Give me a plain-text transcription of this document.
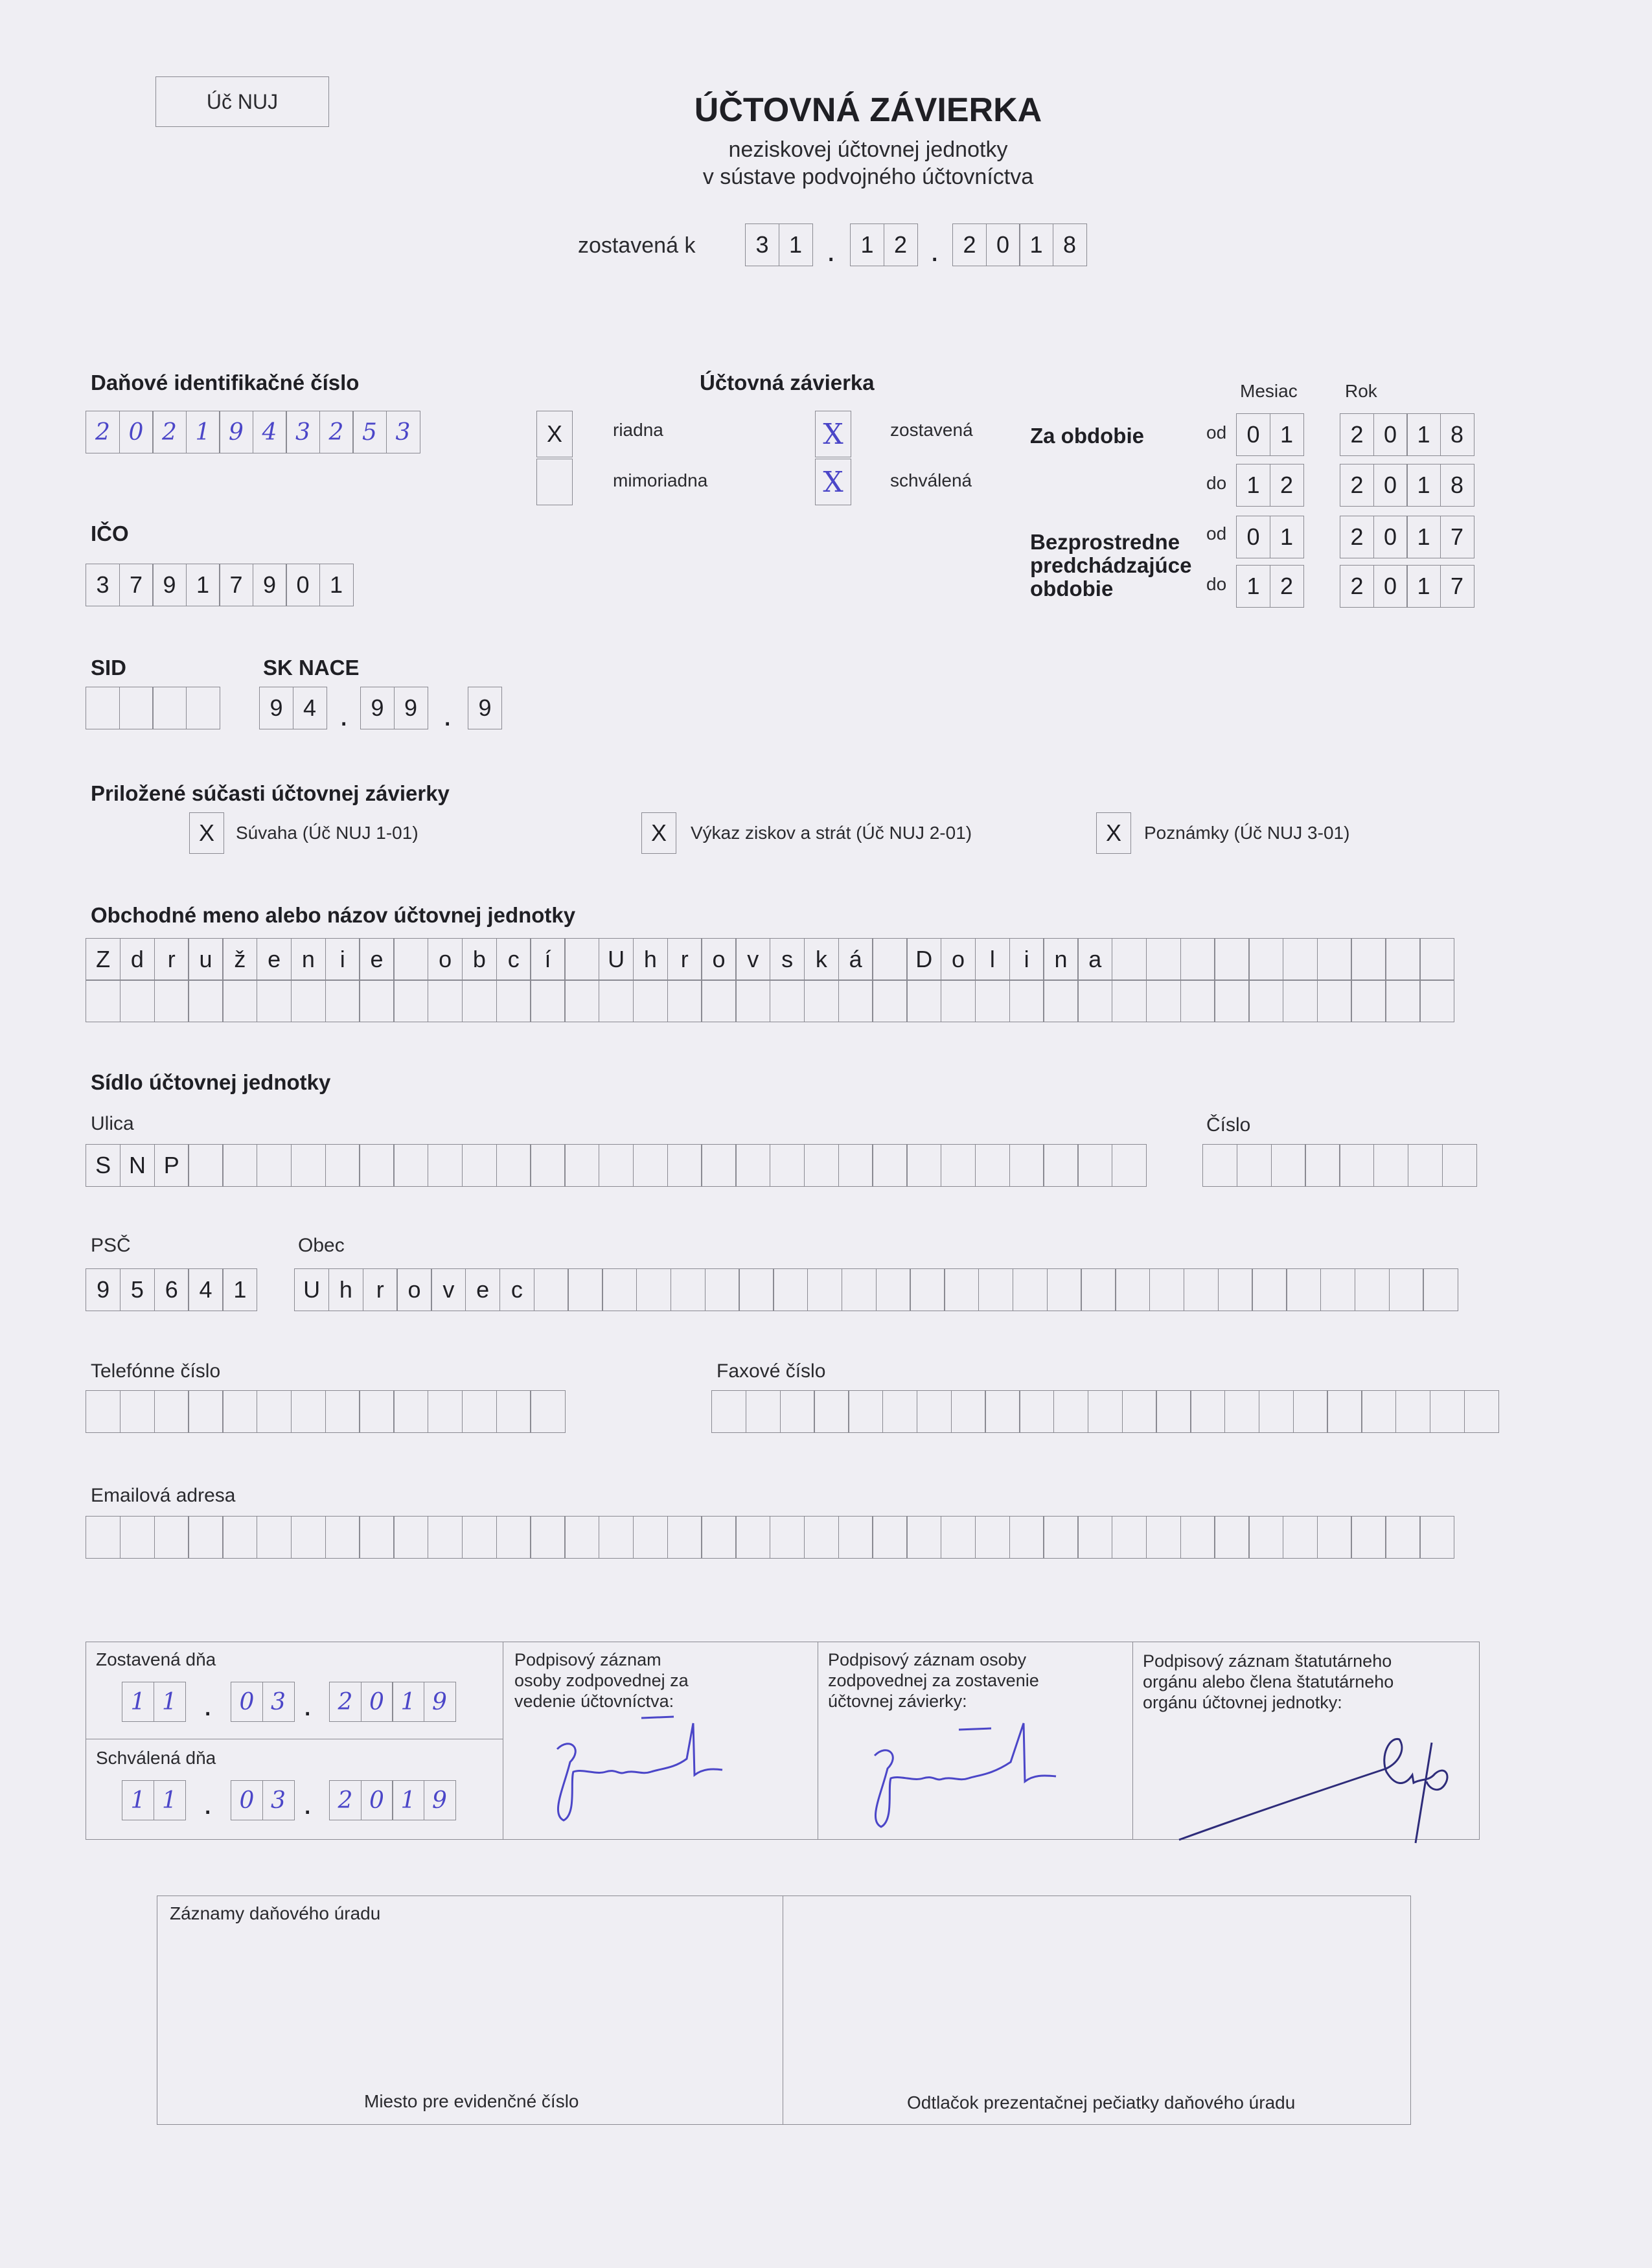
Úč NUJ	ÚČTOVNÁ ZÁVIERKA
neziskovej účtovnej jednotky
v sústave podvojného účtovníctva
zostavená k	3 1 .	1 2 .	2 0 1 8
Daňové identifikačné číslo
2 0 2 1 9 4 3 2 5 3
IČO
3 7 9 1 7 9 0 1
Účtovná závierka
X	riadna
mimoriadna
X	zostavená
X	schválená
Mesiac	Rok
Za obdobie
Bezprostredne
predchádzajúce
obdobie
od 0 1	2 0 1 8
do 1 2	2 0 1 8
od 0 1	2 0 1 7
do 1 2	2 0 1 7
SID	SK NACE
9 4 . 9 9 .	9
Priložené súčasti účtovnej závierky
X	Súvaha (Úč NUJ 1-01)	X	Výkaz ziskov a strát (Úč NUJ 2-01)	X	Poznámky (Úč NUJ 3-01)
Obchodné meno alebo názov účtovnej jednotky
Z d	r	u ž e n	i	e	o b c	í	U h	r	o v s k á	D o	l	i	n a
Sídlo účtovnej jednotky
Ulica
S N P
Číslo
PSČ
9 5 6 4 1
Obec
U h	r	o v e c
Telefónne číslo	Faxové číslo
Emailová adresa
Zostavená dňa
1 1 .	0 3 .	2 0 1 9
Schválená dňa
1 1 .	0 3 .	2 0 1 9
Podpisový záznam osoby zodpovednej za vedenie účtovníctva:
Podpisový záznam osoby zodpovednej za zostavenie účtovnej závierky:
Podpisový záznam štatutárneho orgánu alebo člena štatutárneho orgánu účtovnej jednotky:
Záznamy daňového úradu
Miesto pre evidenčné číslo	Odtlačok prezentačnej pečiatky daňového úradu
